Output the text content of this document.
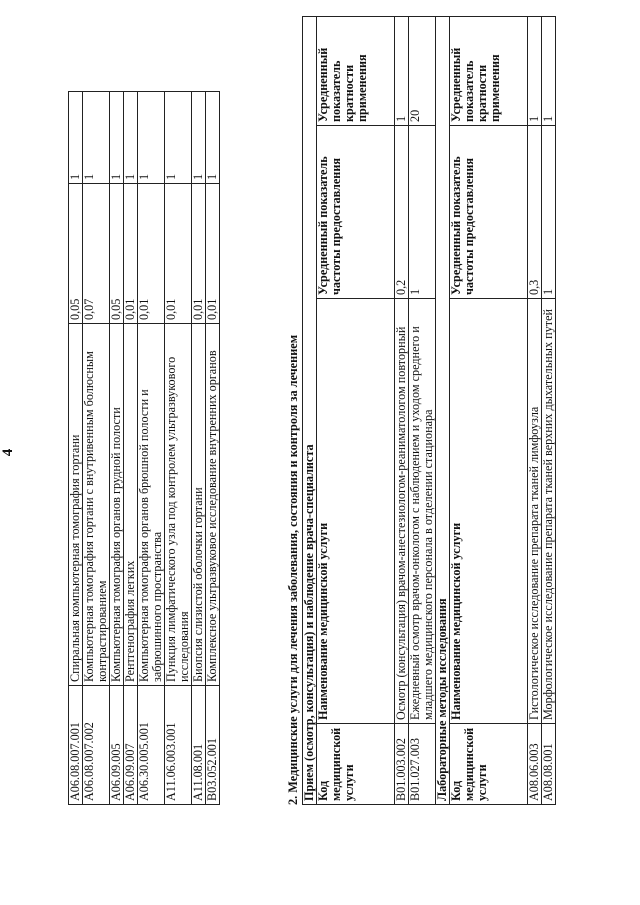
4
A06.08.007.001	Спиральная компьютерная томография гортани	0,05	1
A06.08.007.002	Компьютерная томография гортани с внутривенным болюсным контрастированием	0,07	1
A06.09.005	Компьютерная томография органов грудной полости	0,05	1
A06.09.007	Рентгенография легких	0,01	1
A06.30.005.001	Компьютерная томография органов брюшной полости и забрюшинного пространства	0,01	1
A11.06.003.001	Пункция лимфатического узла под контролем ультразвукового исследования	0,01	1
A11.08.001	Биопсия слизистой оболочки гортани	0,01	1
B03.052.001	Комплексное ультразвуковое исследование внутренних органов	0,01	1
2. Медицинские услуги для лечения заболевания, состояния и контроля за лечением Прием (осмотр, консультация) и наблюдение врача-специалиста			
Код медицинской услуги	Наименование медицинской услуги	Усредненный показатель частоты предоставления	Усредненный показатель кратности применения
B01.003.002	Осмотр (консультация) врачом-анестезиологом-реаниматологом повторный	0,2	1
B01.027.003	Ежедневный осмотр врачом-онкологом с наблюдением и уходом среднего и младшего медицинского персонала в отделении стационара	1	20
Лабораторные методы исследования			
Код медицинской услуги	Наименование медицинской услуги	Усредненный показатель частоты предоставления	Усредненный показатель кратности применения
A08.06.003	Гистологическое исследование препарата тканей лимфоузла	0,3	1
A08.08.001	Морфологическое исследование препарата тканей верхних дыхательных путей	1	1
